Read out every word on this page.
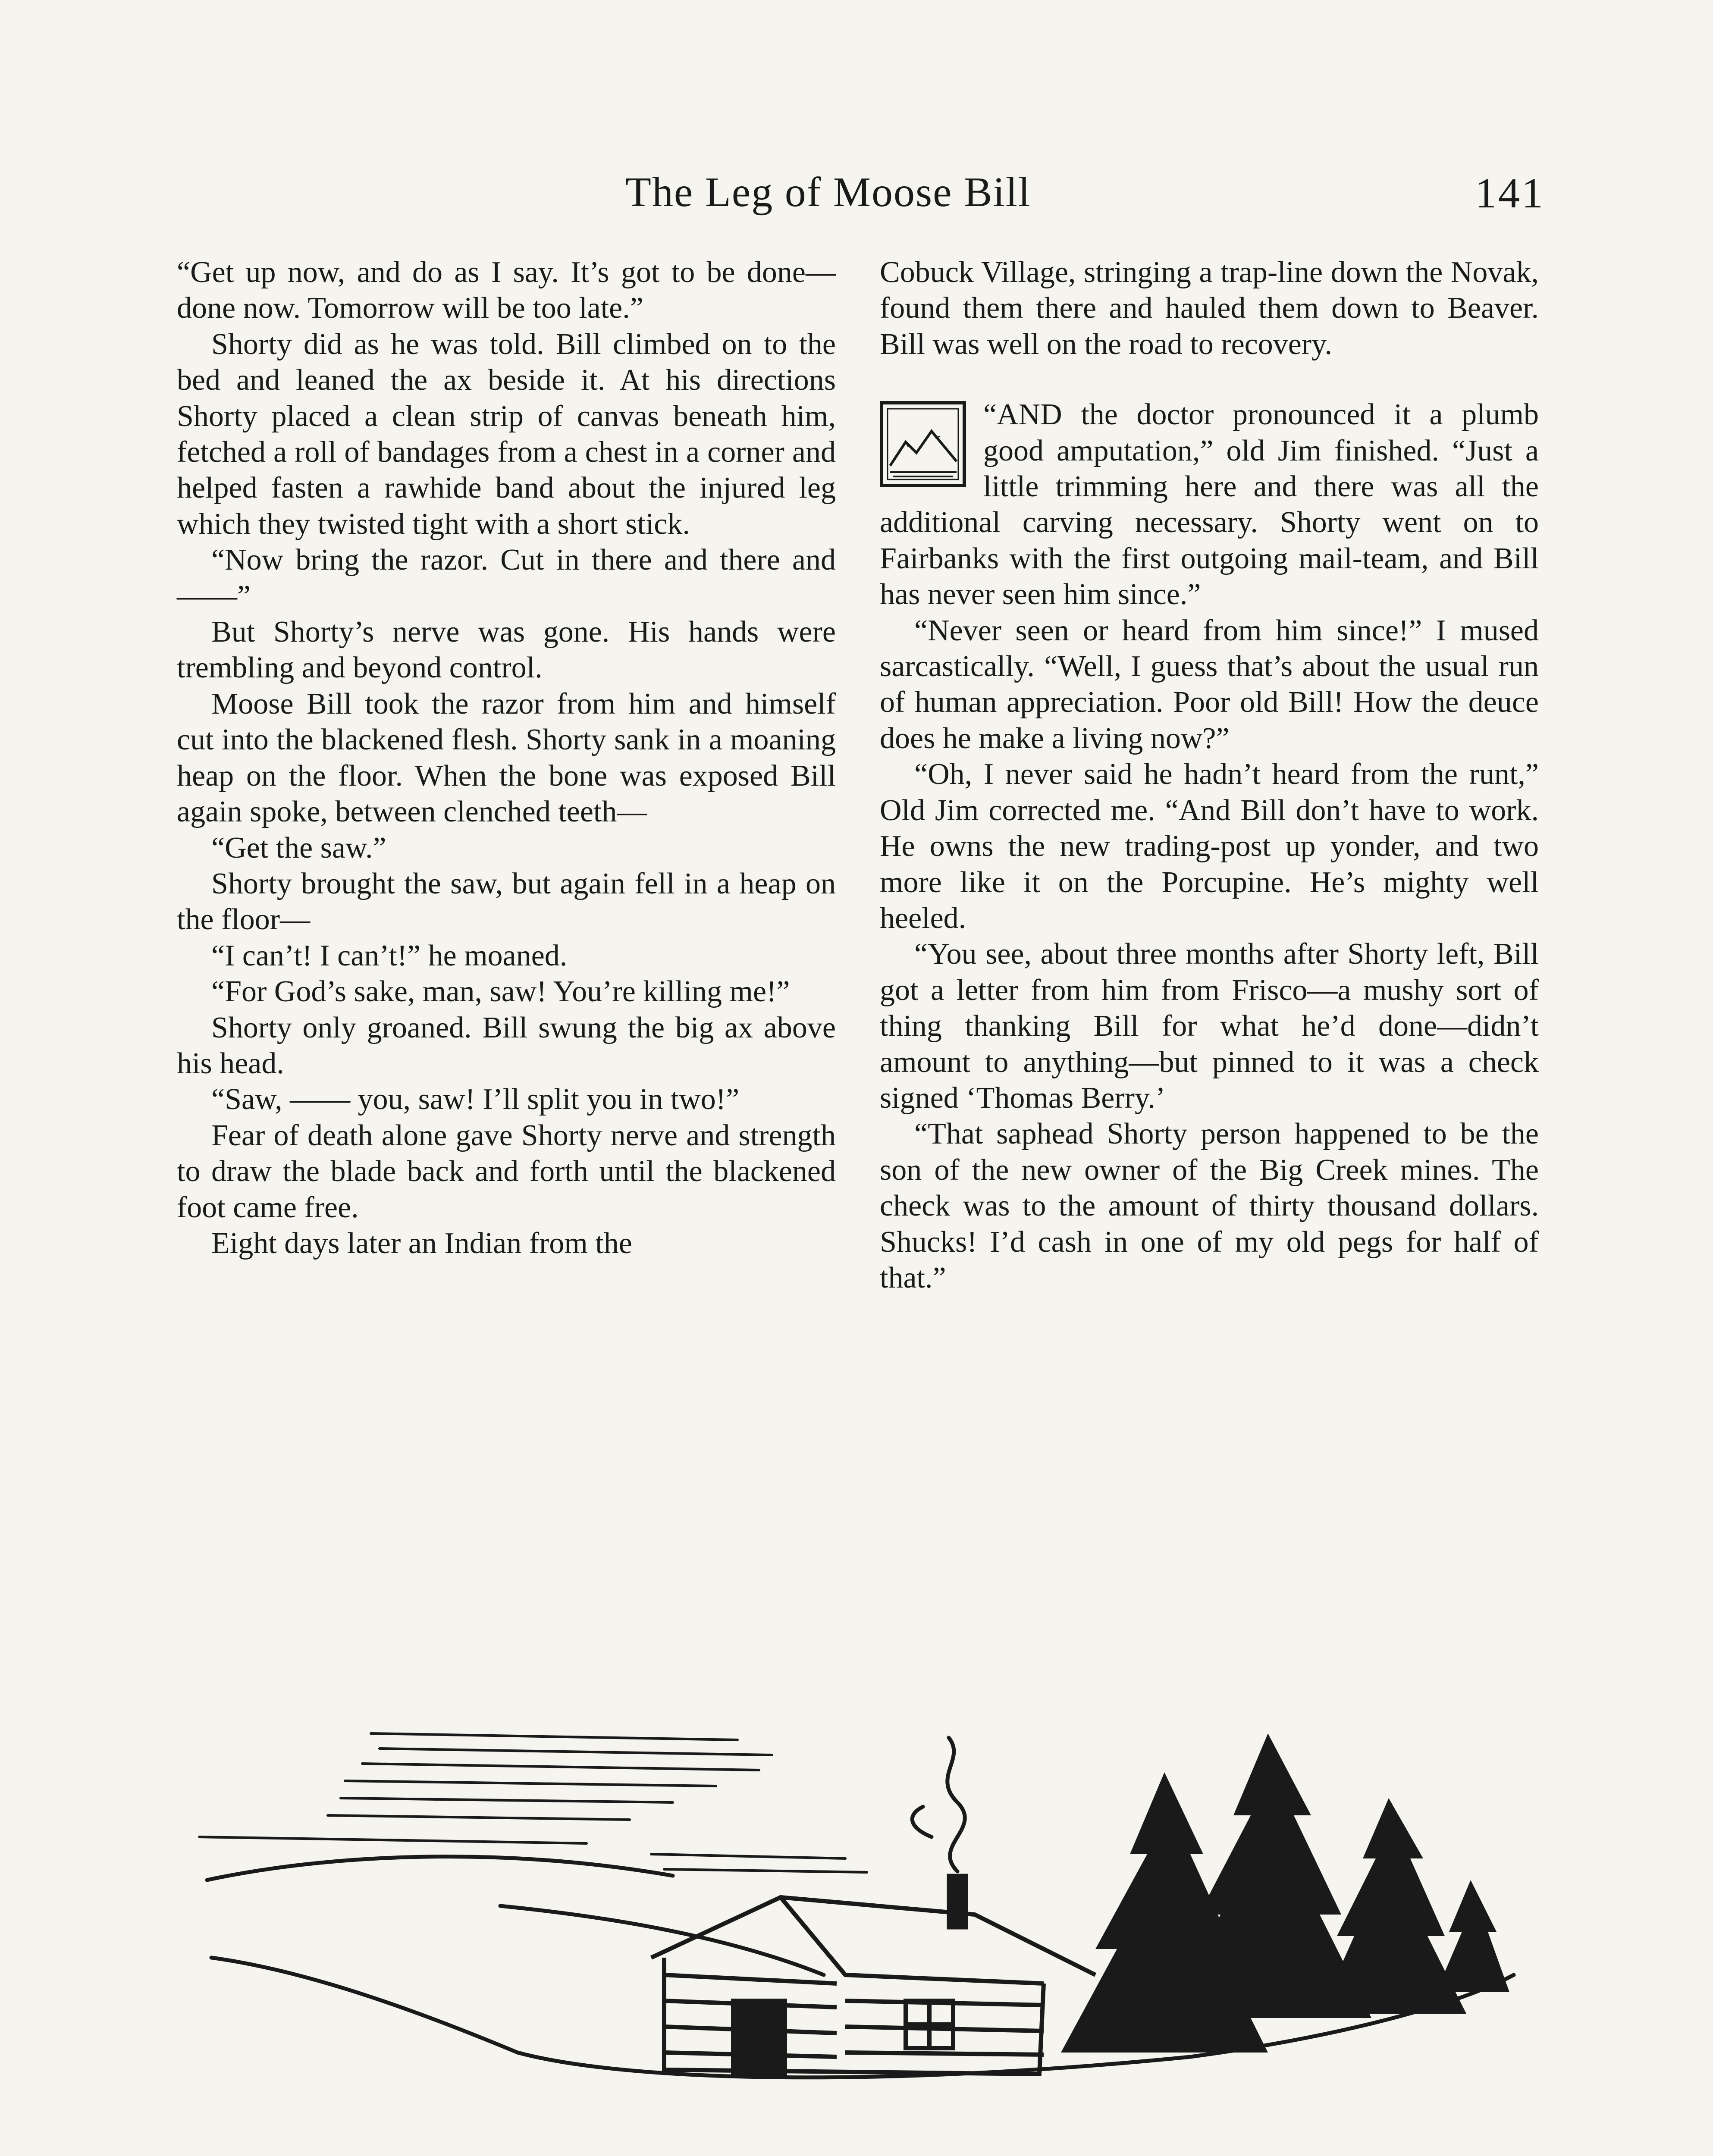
The Leg of Moose Bill	141

“Get up now, and do as I say. It’s got to be done—done now. Tomorrow will be too late.”

Shorty did as he was told. Bill climbed on to the bed and leaned the ax beside it. At his directions Shorty placed a clean strip of canvas beneath him, fetched a roll of bandages from a chest in a corner and helped fasten a rawhide band about the injured leg which they twisted tight with a short stick.

“Now bring the razor. Cut in there and there and——”

But Shorty’s nerve was gone. His hands were trembling and beyond control.

Moose Bill took the razor from him and himself cut into the blackened flesh. Shorty sank in a moaning heap on the floor. When the bone was exposed Bill again spoke, between clenched teeth—

“Get the saw.”

Shorty brought the saw, but again fell in a heap on the floor—

“I can’t! I can’t!” he moaned.

“For God’s sake, man, saw! You’re killing me!”

Shorty only groaned. Bill swung the big ax above his head.

“Saw, —— you, saw! I’ll split you in two!”

Fear of death alone gave Shorty nerve and strength to draw the blade back and forth until the blackened foot came free.

Eight days later an Indian from the

Cobuck Village, stringing a trap-line down the Novak, found them there and hauled them down to Beaver. Bill was well on the road to recovery.

“AND the doctor pronounced it a plumb good amputation,” old Jim finished. “Just a little trimming here and there was all the additional carving necessary. Shorty went on to Fairbanks with the first outgoing mail-team, and Bill has never seen him since.”

“Never seen or heard from him since!” I mused sarcastically. “Well, I guess that’s about the usual run of human appreciation. Poor old Bill! How the deuce does he make a living now?”

“Oh, I never said he hadn’t heard from the runt,” Old Jim corrected me. “And Bill don’t have to work. He owns the new trading-post up yonder, and two more like it on the Porcupine. He’s mighty well heeled.

“You see, about three months after Shorty left, Bill got a letter from him from Frisco—a mushy sort of thing thanking Bill for what he’d done—didn’t amount to anything—but pinned to it was a check signed ‘Thomas Berry.’

“That saphead Shorty person happened to be the son of the new owner of the Big Creek mines. The check was to the amount of thirty thousand dollars. Shucks! I’d cash in one of my old pegs for half of that.”
